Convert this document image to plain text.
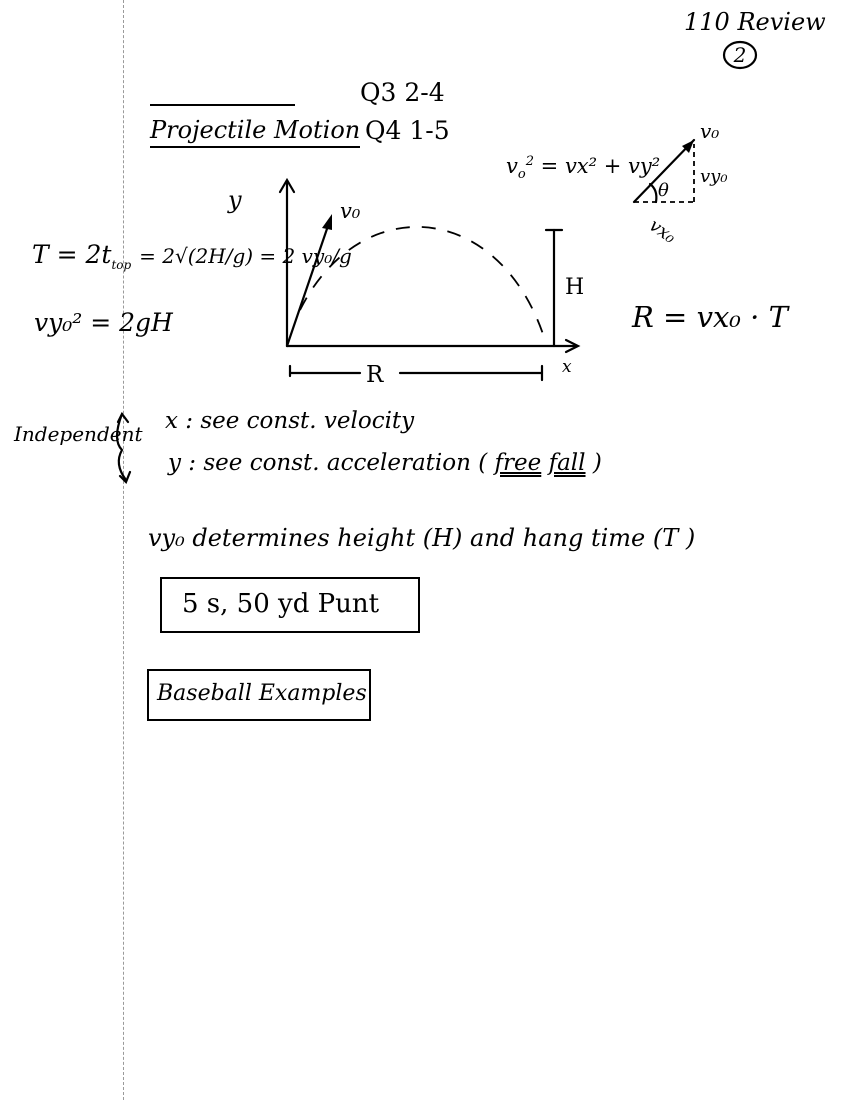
110 Review
2
Projectile Motion
Q3 2-4
Q4 1-5
$v_o^2 = vx^2 + vy^2$
v₀
θ
vy₀
vx₀
y	v₀
H
R	x
$T = 2t_{top} = 2√(2H/g) = 2$ vy₀/g
vy₀² = 2gH	R = vx₀ · T
Independent x : see const. velocity
y : see const. acceleration ( free fall )
vy₀ determines height (H) and hang time (T )
5 s, 50 yd Punt
Baseball Examples
